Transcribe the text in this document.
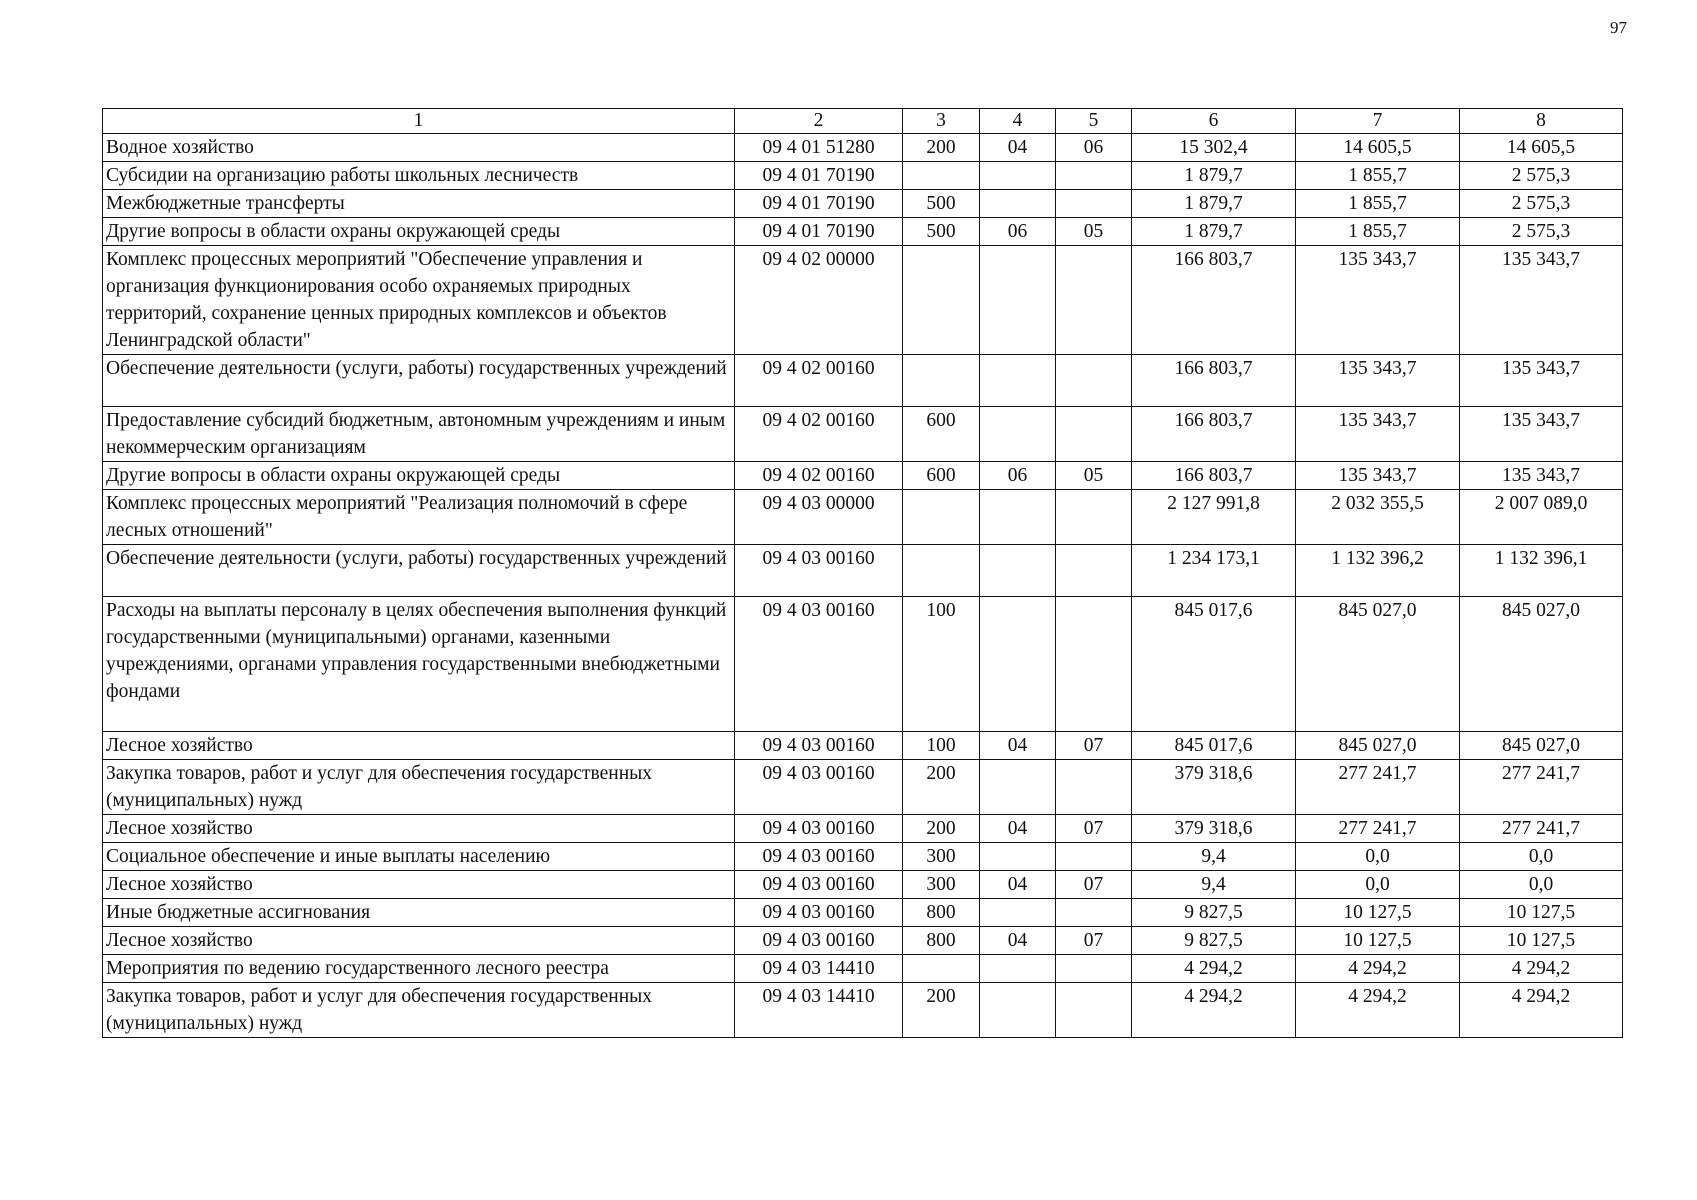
97
1	2	3	4	5	6	7	8
Водное хозяйство	09 4 01 51280	200	04	06	15 302,4	14 605,5	14 605,5
Субсидии на организацию работы школьных лесничеств	09 4 01 70190				1 879,7	1 855,7	2 575,3
Межбюджетные трансферты	09 4 01 70190	500			1 879,7	1 855,7	2 575,3
Другие вопросы в области охраны окружающей среды	09 4 01 70190	500	06	05	1 879,7	1 855,7	2 575,3
Комплекс процессных мероприятий "Обеспечение управления и организация функционирования особо охраняемых природных территорий, сохранение ценных природных комплексов и объектов Ленинградской области"	09 4 02 00000				166 803,7	135 343,7	135 343,7
Обеспечение деятельности (услуги, работы) государственных учреждений	09 4 02 00160				166 803,7	135 343,7	135 343,7
Предоставление субсидий бюджетным, автономным учреждениям и иным некоммерческим организациям	09 4 02 00160	600			166 803,7	135 343,7	135 343,7
Другие вопросы в области охраны окружающей среды	09 4 02 00160	600	06	05	166 803,7	135 343,7	135 343,7
Комплекс процессных мероприятий "Реализация полномочий в сфере лесных отношений"	09 4 03 00000				2 127 991,8	2 032 355,5	2 007 089,0
Обеспечение деятельности (услуги, работы) государственных учреждений	09 4 03 00160				1 234 173,1	1 132 396,2	1 132 396,1
Расходы на выплаты персоналу в целях обеспечения выполнения функций государственными (муниципальными) органами, казенными учреждениями, органами управления государственными внебюджетными фондами	09 4 03 00160	100			845 017,6	845 027,0	845 027,0
Лесное хозяйство	09 4 03 00160	100	04	07	845 017,6	845 027,0	845 027,0
Закупка товаров, работ и услуг для обеспечения государственных (муниципальных) нужд	09 4 03 00160	200			379 318,6	277 241,7	277 241,7
Лесное хозяйство	09 4 03 00160	200	04	07	379 318,6	277 241,7	277 241,7
Социальное обеспечение и иные выплаты населению	09 4 03 00160	300			9,4	0,0	0,0
Лесное хозяйство	09 4 03 00160	300	04	07	9,4	0,0	0,0
Иные бюджетные ассигнования	09 4 03 00160	800			9 827,5	10 127,5	10 127,5
Лесное хозяйство	09 4 03 00160	800	04	07	9 827,5	10 127,5	10 127,5
Мероприятия по ведению государственного лесного реестра	09 4 03 14410				4 294,2	4 294,2	4 294,2
Закупка товаров, работ и услуг для обеспечения государственных (муниципальных) нужд	09 4 03 14410	200			4 294,2	4 294,2	4 294,2
